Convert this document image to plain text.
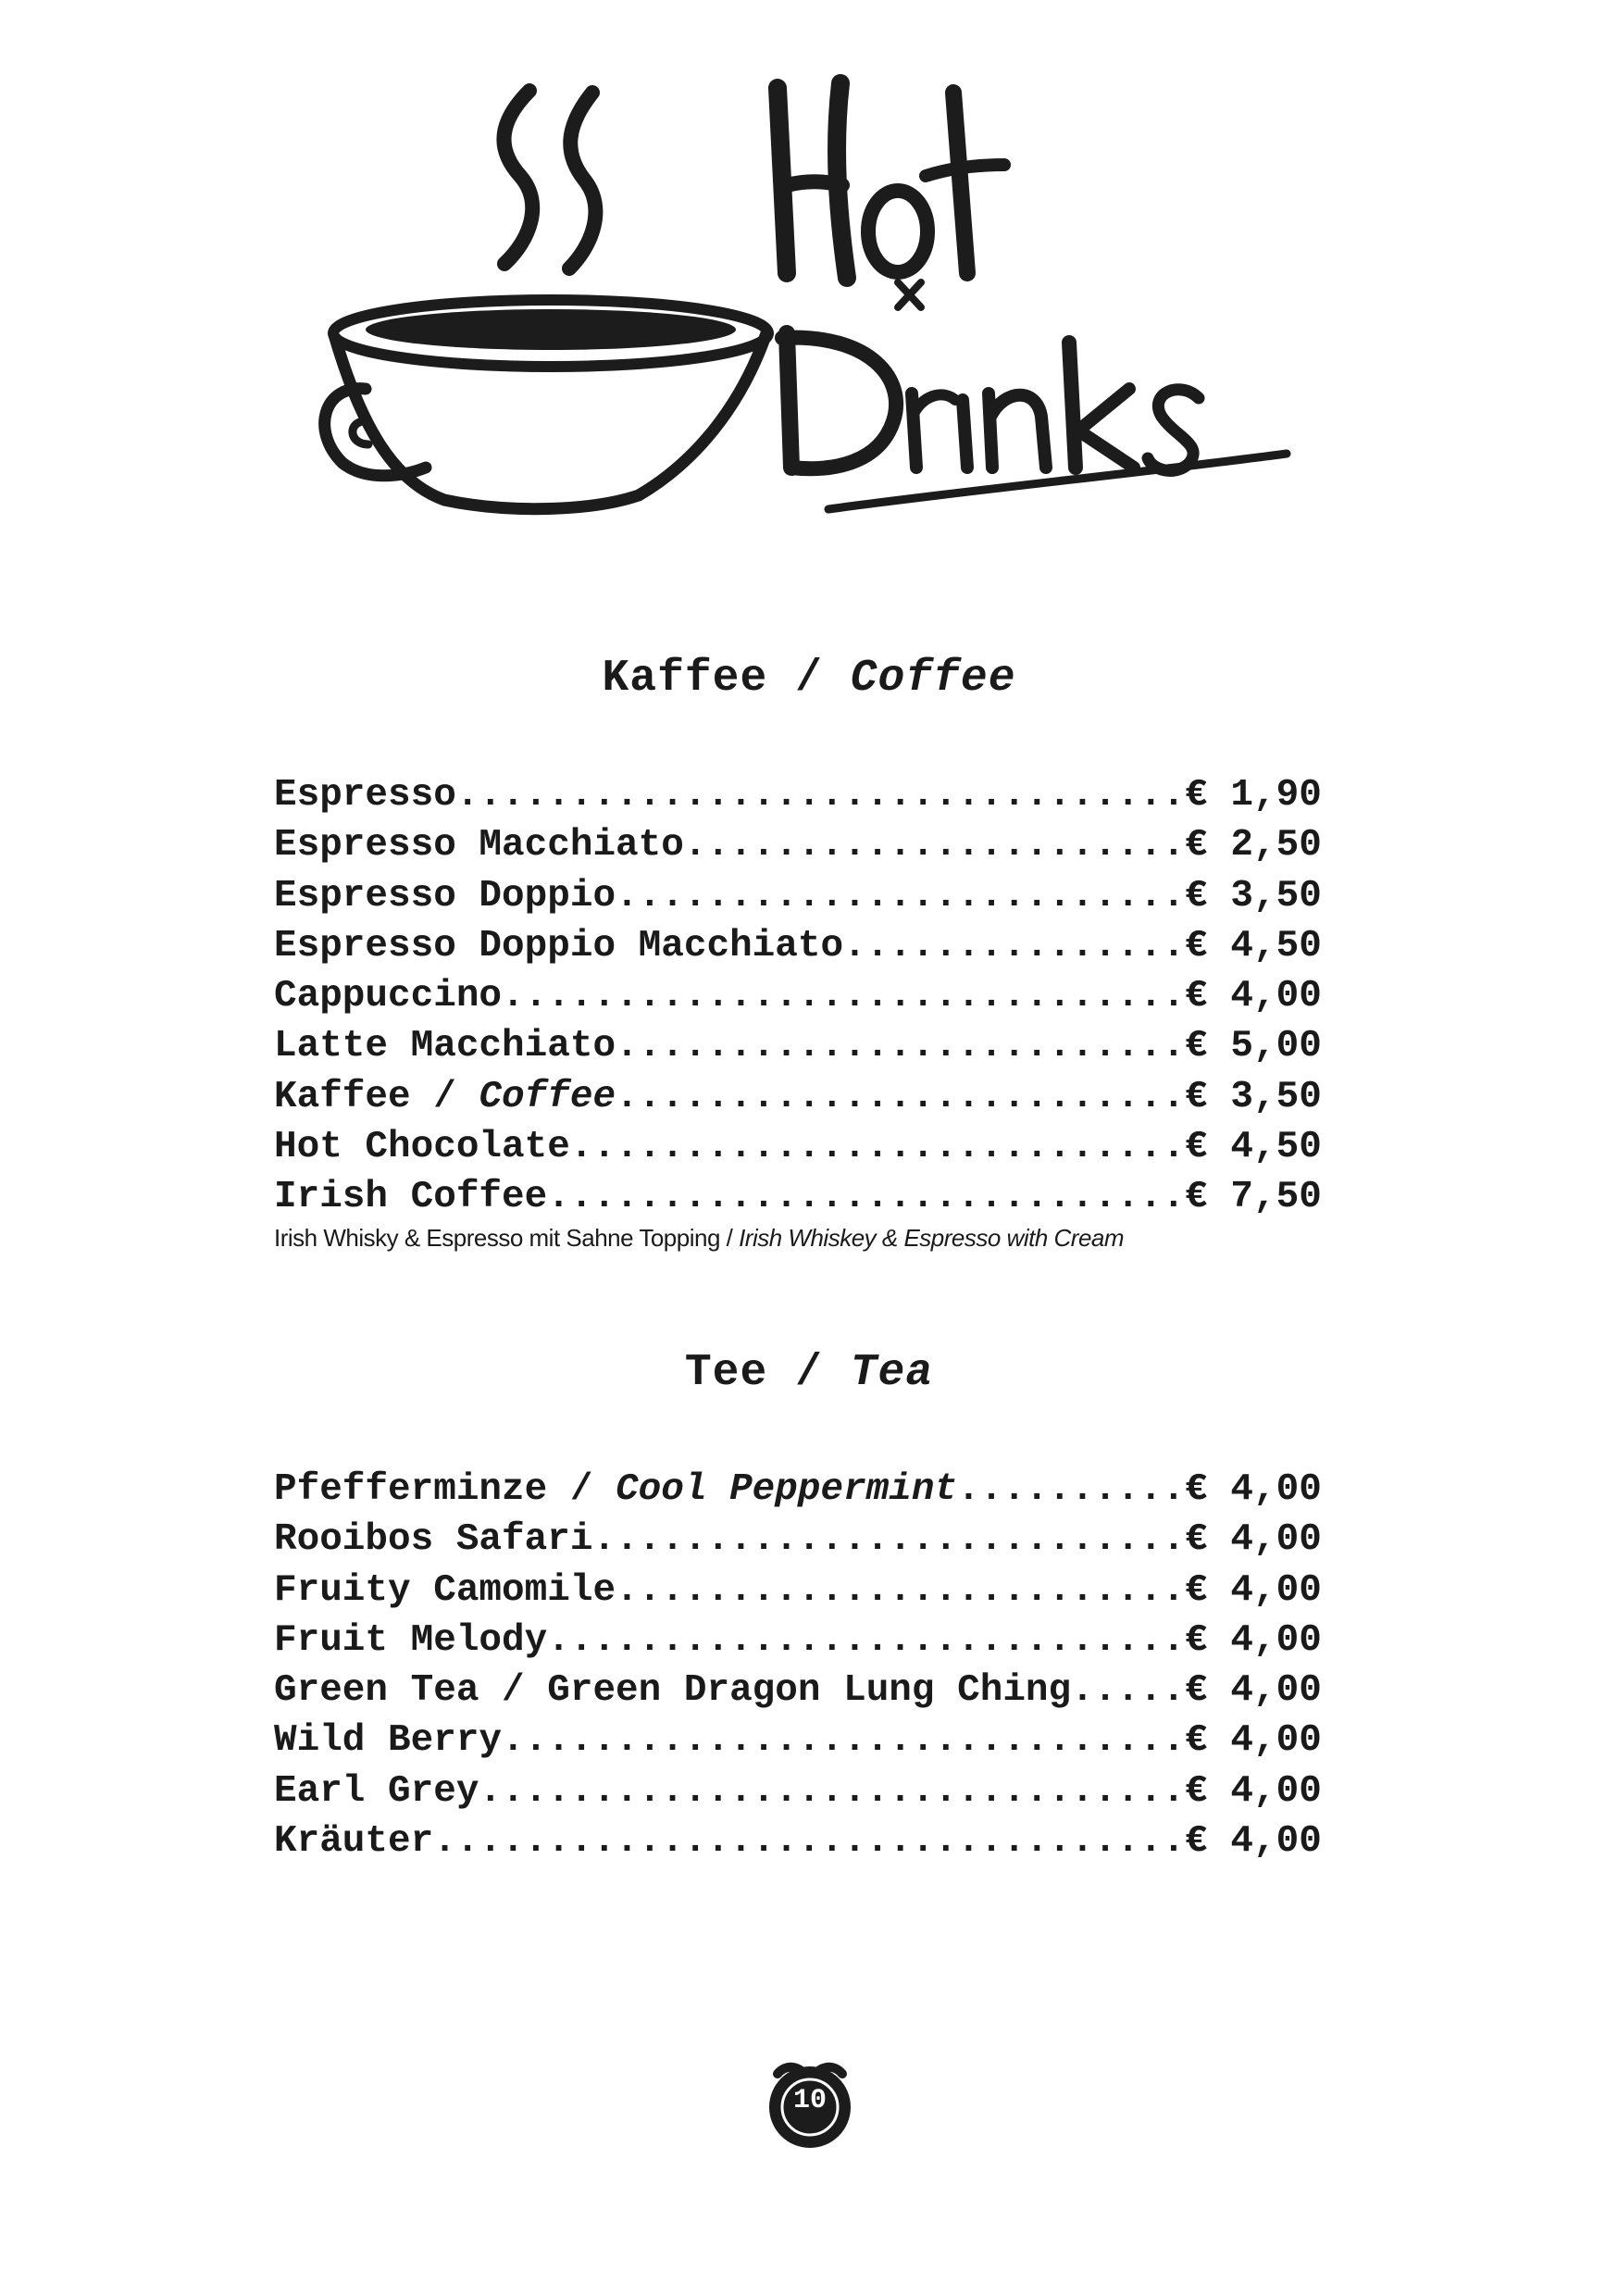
Kaffee / Coffee
Espresso................................€ 1,90
Espresso Macchiato......................€ 2,50
Espresso Doppio.........................€ 3,50
Espresso Doppio Macchiato...............€ 4,50
Cappuccino..............................€ 4,00
Latte Macchiato.........................€ 5,00
Kaffee / Coffee.........................€ 3,50
Hot Chocolate...........................€ 4,50
Irish Coffee............................€ 7,50
Irish Whisky & Espresso mit Sahne Topping / Irish Whiskey & Espresso with Cream
Tee / Tea
Pfefferminze / Cool Peppermint..........€ 4,00
Rooibos Safari..........................€ 4,00
Fruity Camomile.........................€ 4,00
Fruit Melody............................€ 4,00
Green Tea / Green Dragon Lung Ching.....€ 4,00
Wild Berry..............................€ 4,00
Earl Grey...............................€ 4,00
Kräuter.................................€ 4,00
10
